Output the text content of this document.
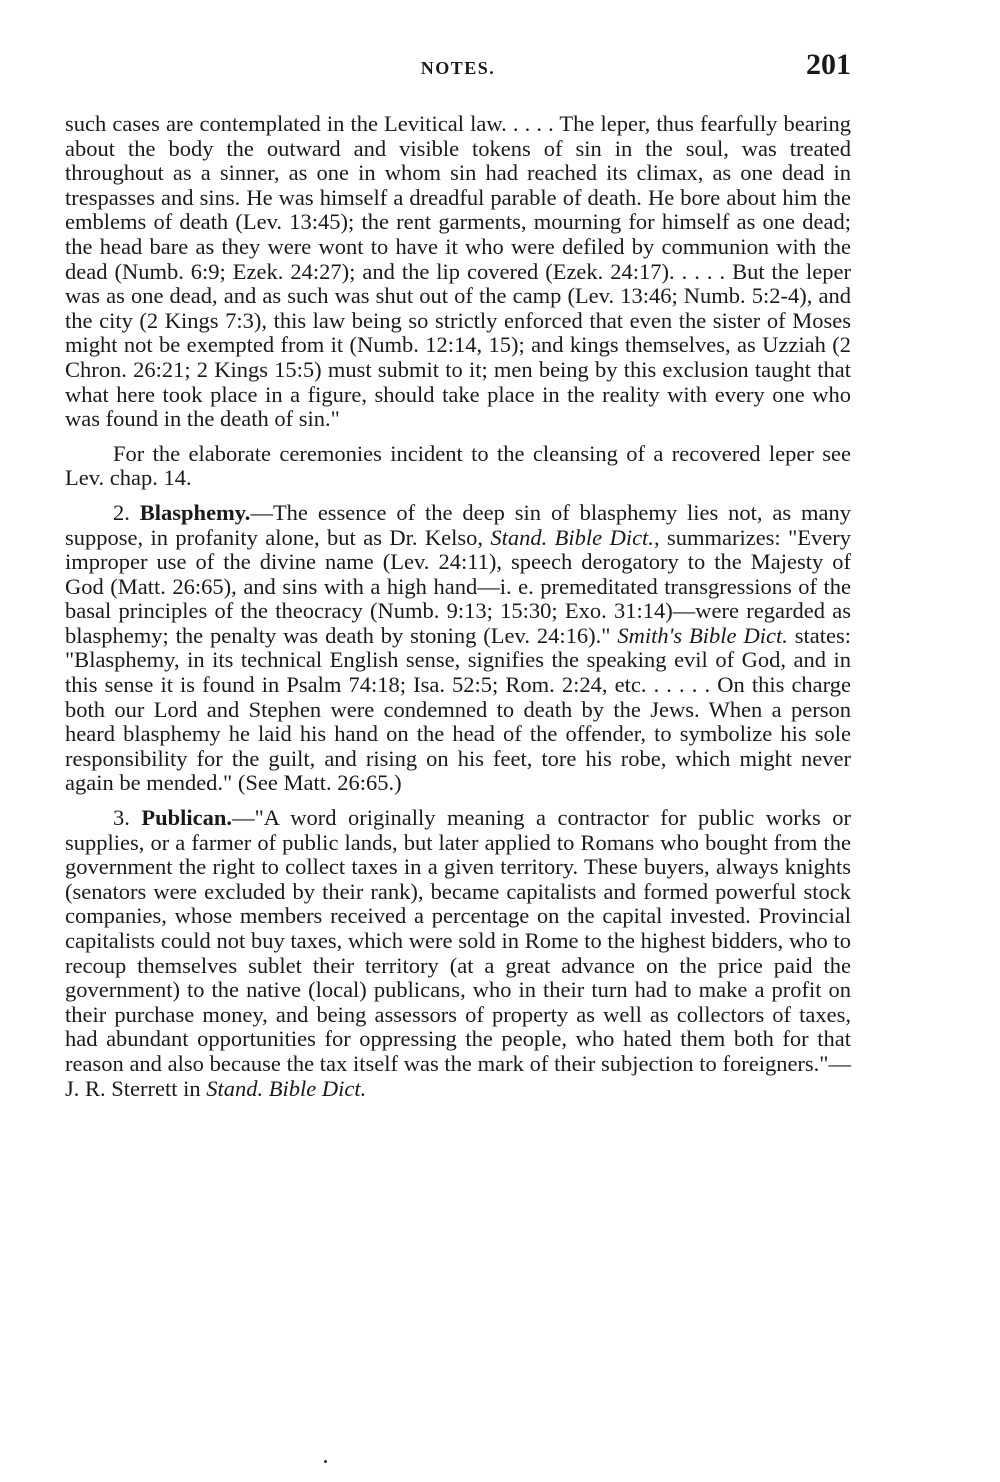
NOTES.	201

such cases are contemplated in the Levitical law. . . . . The leper, thus fearfully bearing about the body the outward and visible tokens of sin in the soul, was treated throughout as a sinner, as one in whom sin had reached its climax, as one dead in trespasses and sins. He was himself a dreadful parable of death. He bore about him the emblems of death (Lev. 13:45); the rent garments, mourning for himself as one dead; the head bare as they were wont to have it who were defiled by communion with the dead (Numb. 6:9; Ezek. 24:27); and the lip covered (Ezek. 24:17). . . . . But the leper was as one dead, and as such was shut out of the camp (Lev. 13:46; Numb. 5:2-4), and the city (2 Kings 7:3), this law being so strictly enforced that even the sister of Moses might not be exempted from it (Numb. 12:14, 15); and kings themselves, as Uzziah (2 Chron. 26:21; 2 Kings 15:5) must submit to it; men being by this exclusion taught that what here took place in a figure, should take place in the reality with every one who was found in the death of sin."

For the elaborate ceremonies incident to the cleansing of a recovered leper see Lev. chap. 14.

2. Blasphemy.—The essence of the deep sin of blasphemy lies not, as many suppose, in profanity alone, but as Dr. Kelso, Stand. Bible Dict., summarizes: "Every improper use of the divine name (Lev. 24:11), speech derogatory to the Majesty of God (Matt. 26:65), and sins with a high hand—i. e. premeditated transgressions of the basal principles of the theocracy (Numb. 9:13; 15:30; Exo. 31:14)—were regarded as blasphemy; the penalty was death by stoning (Lev. 24:16)." Smith's Bible Dict. states: "Blasphemy, in its technical English sense, signifies the speaking evil of God, and in this sense it is found in Psalm 74:18; Isa. 52:5; Rom. 2:24, etc. . . . . . On this charge both our Lord and Stephen were condemned to death by the Jews. When a person heard blasphemy he laid his hand on the head of the offender, to symbolize his sole responsibility for the guilt, and rising on his feet, tore his robe, which might never again be mended." (See Matt. 26:65.)

3. Publican.—"A word originally meaning a contractor for public works or supplies, or a farmer of public lands, but later applied to Romans who bought from the government the right to collect taxes in a given territory. These buyers, always knights (senators were excluded by their rank), became capitalists and formed powerful stock companies, whose members received a percentage on the capital invested. Provincial capitalists could not buy taxes, which were sold in Rome to the highest bidders, who to recoup themselves sublet their territory (at a great advance on the price paid the government) to the native (local) publicans, who in their turn had to make a profit on their purchase money, and being assessors of property as well as collectors of taxes, had abundant opportunities for oppressing the people, who hated them both for that reason and also because the tax itself was the mark of their subjection to foreigners."—J. R. Sterrett in Stand. Bible Dict.
